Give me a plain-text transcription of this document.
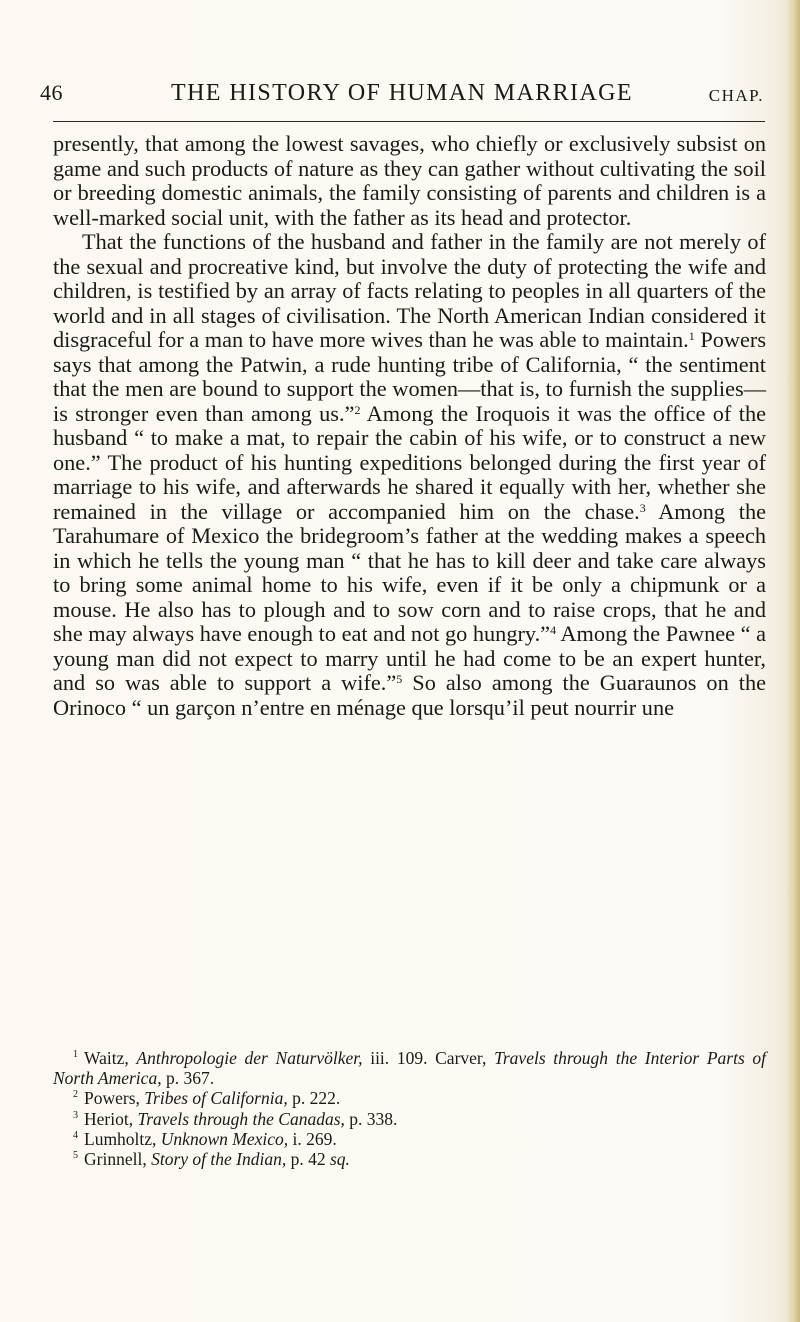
46	THE HISTORY OF HUMAN MARRIAGE	CHAP.

presently, that among the lowest savages, who chiefly or exclusively subsist on game and such products of nature as they can gather without cultivating the soil or breeding domestic animals, the family consisting of parents and children is a well-marked social unit, with the father as its head and protector.

That the functions of the husband and father in the family are not merely of the sexual and procreative kind, but involve the duty of protecting the wife and children, is testified by an array of facts relating to peoples in all quarters of the world and in all stages of civilisation. The North American Indian considered it disgraceful for a man to have more wives than he was able to maintain.$^1$ Powers says that among the Patwin, a rude hunting tribe of California, “ the sentiment that the men are bound to support the women—that is, to furnish the supplies—is stronger even than among us.”$^2$ Among the Iroquois it was the office of the husband “ to make a mat, to repair the cabin of his wife, or to construct a new one.” The product of his hunting expeditions belonged during the first year of marriage to his wife, and afterwards he shared it equally with her, whether she remained in the village or accompanied him on the chase.$^3$ Among the Tarahumare of Mexico the bridegroom’s father at the wedding makes a speech in which he tells the young man “ that he has to kill deer and take care always to bring some animal home to his wife, even if it be only a chipmunk or a mouse. He also has to plough and to sow corn and to raise crops, that he and she may always have enough to eat and not go hungry.”$^4$ Among the Pawnee “ a young man did not expect to marry until he had come to be an expert hunter, and so was able to support a wife.”$^5$ So also among the Guaraunos on the Orinoco “ un garçon n’entre en ménage que lorsqu’il peut nourrir une

$^1$ Waitz, Anthropologie der Naturvölker, iii. 109. Carver, Travels through the Interior Parts of North America, p. 367.

$^2$ Powers, Tribes of California, p. 222.

$^3$ Heriot, Travels through the Canadas, p. 338.

$^4$ Lumholtz, Unknown Mexico, i. 269.

$^5$ Grinnell, Story of the Indian, p. 42 sq.
